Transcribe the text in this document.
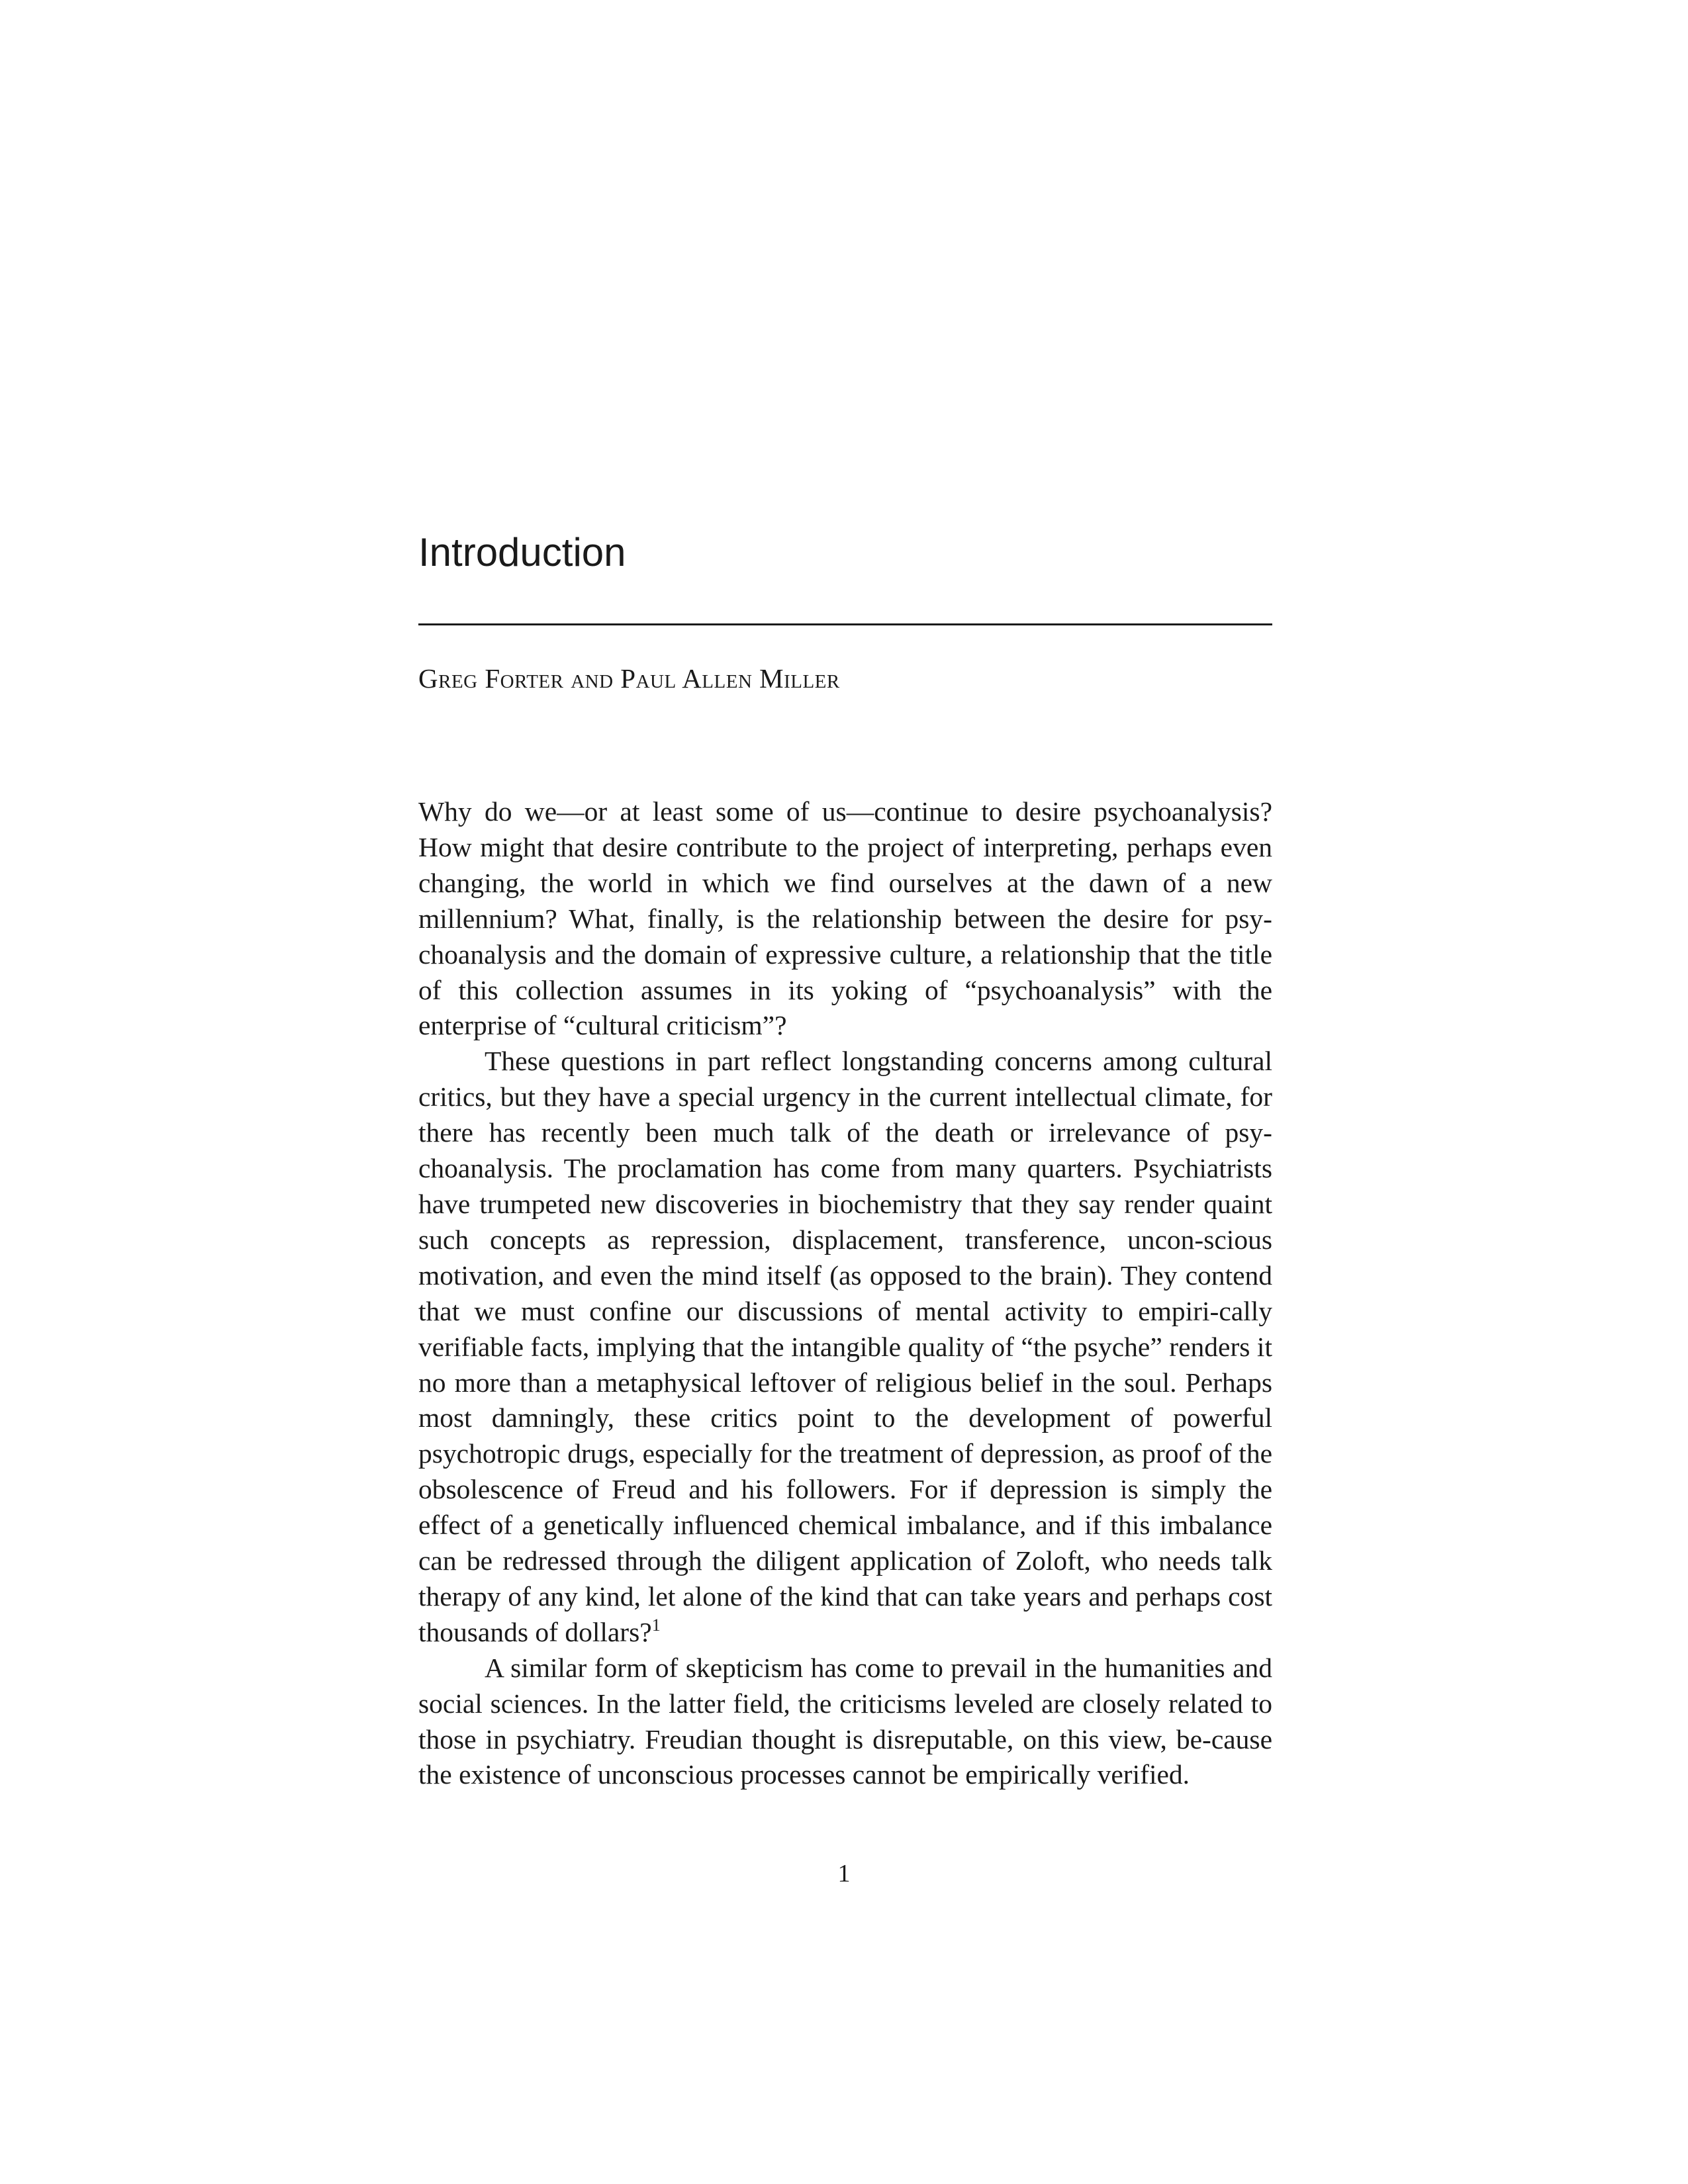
Introduction
Greg Forter and Paul Allen Miller

Why do we—or at least some of us—continue to desire psychoanalysis? How might that desire contribute to the project of interpreting, perhaps even changing, the world in which we find ourselves at the dawn of a new millennium? What, finally, is the relationship between the desire for psy-choanalysis and the domain of expressive culture, a relationship that the title of this collection assumes in its yoking of “psychoanalysis” with the enterprise of “cultural criticism”?

These questions in part reflect longstanding concerns among cultural critics, but they have a special urgency in the current intellectual climate, for there has recently been much talk of the death or irrelevance of psy-choanalysis. The proclamation has come from many quarters. Psychiatrists have trumpeted new discoveries in biochemistry that they say render quaint such concepts as repression, displacement, transference, uncon-scious motivation, and even the mind itself (as opposed to the brain). They contend that we must confine our discussions of mental activity to empiri-cally verifiable facts, implying that the intangible quality of “the psyche” renders it no more than a metaphysical leftover of religious belief in the soul. Perhaps most damningly, these critics point to the development of powerful psychotropic drugs, especially for the treatment of depression, as proof of the obsolescence of Freud and his followers. For if depression is simply the effect of a genetically influenced chemical imbalance, and if this imbalance can be redressed through the diligent application of Zoloft, who needs talk therapy of any kind, let alone of the kind that can take years and perhaps cost thousands of dollars?$^1$

A similar form of skepticism has come to prevail in the humanities and social sciences. In the latter field, the criticisms leveled are closely related to those in psychiatry. Freudian thought is disreputable, on this view, be-cause the existence of unconscious processes cannot be empirically verified.

1
